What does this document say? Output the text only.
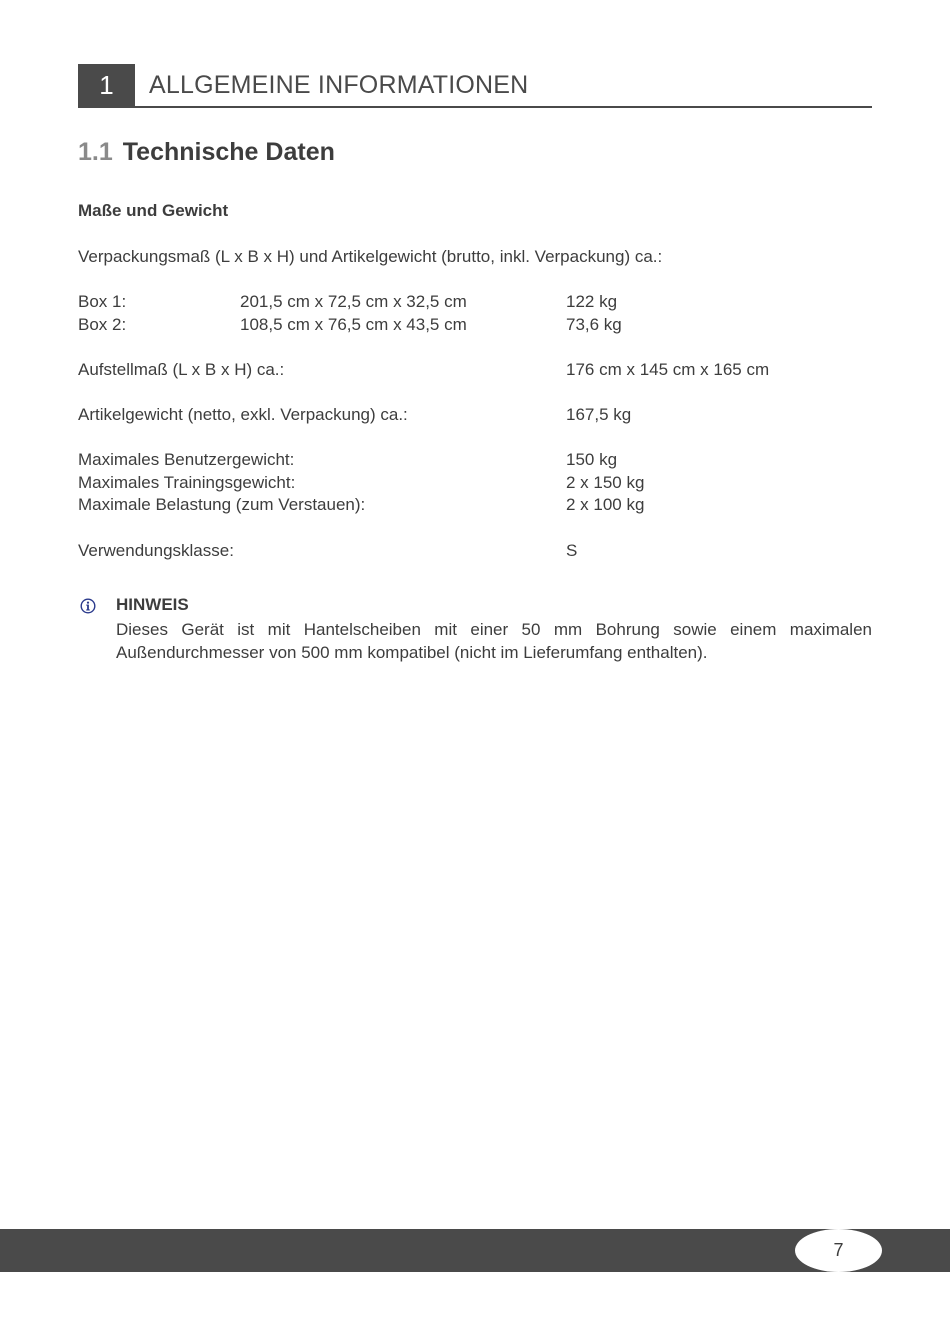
1	ALLGEMEINE INFORMATIONEN
1.1 Technische Daten
Maße und Gewicht
Verpackungsmaß (L x B x H) und Artikelgewicht (brutto, inkl. Verpackung) ca.:
Box 1:	201,5 cm x 72,5 cm x 32,5 cm	122 kg
Box 2:	108,5 cm x 76,5 cm x 43,5 cm	73,6 kg
Aufstellmaß (L x B x H) ca.:	176 cm x 145 cm x 165 cm
Artikelgewicht (netto, exkl. Verpackung) ca.:	167,5 kg
Maximales Benutzergewicht:	150 kg
Maximales Trainingsgewicht:	2 x 150 kg
Maximale Belastung (zum Verstauen):	2 x 100 kg
Verwendungsklasse:	S
HINWEIS
Dieses Gerät ist mit Hantelscheiben mit einer 50 mm Bohrung sowie einem maximalen Außendurchmesser von 500 mm kompatibel (nicht im Lieferumfang enthalten).
7
